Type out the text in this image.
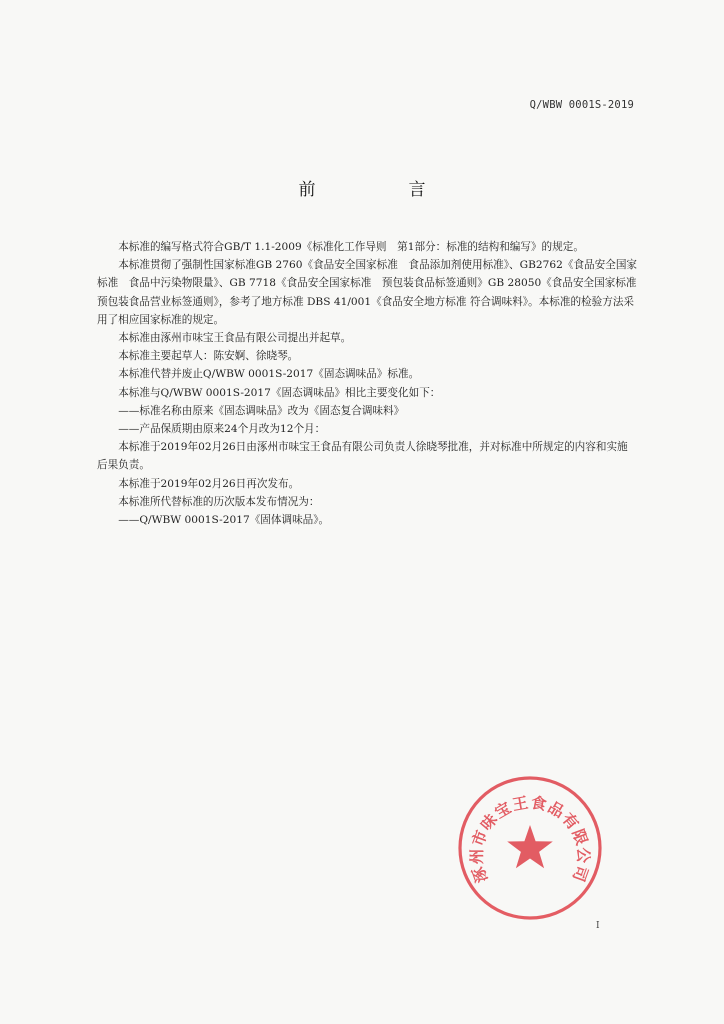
Q/WBW 0001S-2019
前　言

本标准的编写格式符合GB/T 1.1-2009《标准化工作导则　第1部分：标准的结构和编写》的规定。

本标准贯彻了强制性国家标准GB 2760《食品安全国家标准　食品添加剂使用标准》、GB2762《食品安全国家标准　食品中污染物限量》、GB 7718《食品安全国家标准　预包装食品标签通则》GB 28050《食品安全国家标准 预包装食品营业标签通则》，参考了地方标准 DBS 41/001《食品安全地方标准 符合调味料》。本标准的检验方法采用了相应国家标准的规定。

本标准由涿州市味宝王食品有限公司提出并起草。

本标准主要起草人：陈安婀、徐晓琴。

本标准代替并废止Q/WBW 0001S-2017《固态调味品》标准。

本标准与Q/WBW 0001S-2017《固态调味品》相比主要变化如下：

——标准名称由原来《固态调味品》改为《固态复合调味料》

——产品保质期由原来24个月改为12个月：

本标准于2019年02月26日由涿州市味宝王食品有限公司负责人徐晓琴批准，并对标准中所规定的内容和实施后果负责。

本标准于2019年02月26日再次发布。

本标准所代替标准的历次版本发布情况为：

——Q/WBW 0001S-2017《固体调味品》。

涿州市味宝王食品有限公司
I
